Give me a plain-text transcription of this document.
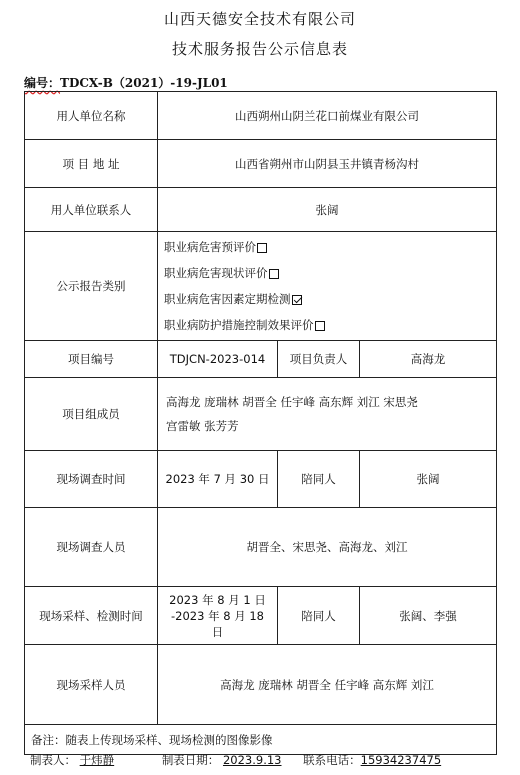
山西天德安全技术有限公司
技术服务报告公示信息表
编号：TDCX-B（2021）-19-JL01
用人单位名称	山西朔州山阴兰花口前煤业有限公司		
项 目 地 址	山西省朔州市山阴县玉井镇青杨沟村		
用人单位联系人	张阔		
公示报告类别	职业病危害预评价
职业病危害现状评价
职业病危害因素定期检测
职业病防护措施控制效果评价		

项目编号	TDJCN-2023-014	项目负责人	高海龙
项目组成员	高海龙 庞瑞林 胡晋全 任宇峰 高东辉 刘江 宋思尧
宫雷敏 张芳芳		

现场调查时间	2023 年 7 月 30 日	陪同人	张阔
现场调查人员	胡晋全、宋思尧、高海龙、刘江		
现场采样、检测时间	2023 年 8 月 1 日
-2023 年 8 月 18 日	陪同人	张阔、李强
现场采样人员	高海龙 庞瑞林 胡晋全 任宇峰 高东辉 刘江		
备注：随表上传现场采样、现场检测的图像影像			
制表人： 于炜静	制表日期： 2023.9.13 联系电话：15934237475
